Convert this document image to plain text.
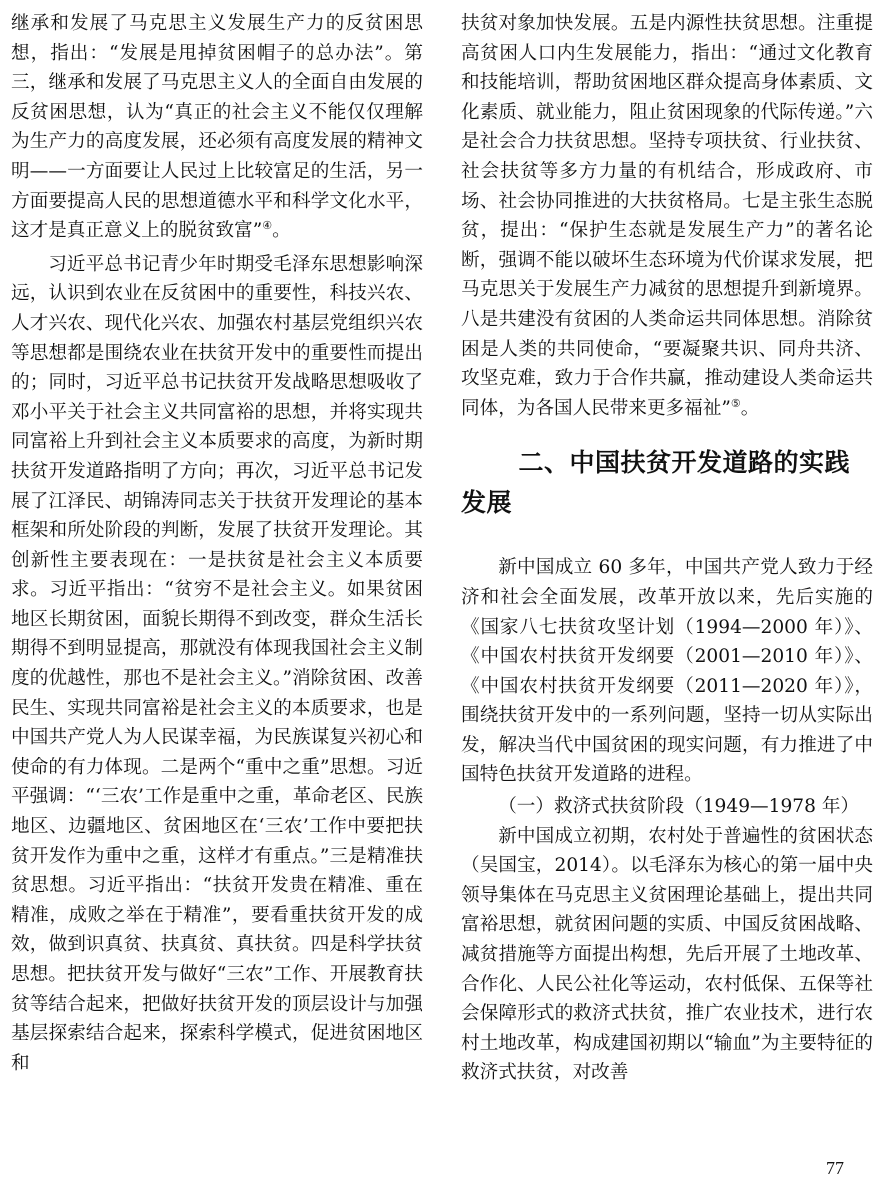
继承和发展了马克思主义发展生产力的反贫困思想，指出：“发展是甩掉贫困帽子的总办法”。第三，继承和发展了马克思主义人的全面自由发展的反贫困思想，认为“真正的社会主义不能仅仅理解为生产力的高度发展，还必须有高度发展的精神文明——一方面要让人民过上比较富足的生活，另一方面要提高人民的思想道德水平和科学文化水平，这才是真正意义上的脱贫致富”④。

习近平总书记青少年时期受毛泽东思想影响深远，认识到农业在反贫困中的重要性，科技兴农、人才兴农、现代化兴农、加强农村基层党组织兴农等思想都是围绕农业在扶贫开发中的重要性而提出的；同时，习近平总书记扶贫开发战略思想吸收了邓小平关于社会主义共同富裕的思想，并将实现共同富裕上升到社会主义本质要求的高度，为新时期扶贫开发道路指明了方向；再次，习近平总书记发展了江泽民、胡锦涛同志关于扶贫开发理论的基本框架和所处阶段的判断，发展了扶贫开发理论。其创新性主要表现在：一是扶贫是社会主义本质要求。习近平指出：“贫穷不是社会主义。如果贫困地区长期贫困，面貌长期得不到改变，群众生活长期得不到明显提高，那就没有体现我国社会主义制度的优越性，那也不是社会主义。”消除贫困、改善民生、实现共同富裕是社会主义的本质要求，也是中国共产党人为人民谋幸福，为民族谋复兴初心和使命的有力体现。二是两个“重中之重”思想。习近平强调：“‘三农’工作是重中之重，革命老区、民族地区、边疆地区、贫困地区在‘三农’工作中要把扶贫开发作为重中之重，这样才有重点。”三是精准扶贫思想。习近平指出：“扶贫开发贵在精准、重在精准，成败之举在于精准”，要看重扶贫开发的成效，做到识真贫、扶真贫、真扶贫。四是科学扶贫思想。把扶贫开发与做好“三农”工作、开展教育扶贫等结合起来，把做好扶贫开发的顶层设计与加强基层探索结合起来，探索科学模式，促进贫困地区和

扶贫对象加快发展。五是内源性扶贫思想。注重提高贫困人口内生发展能力，指出：“通过文化教育和技能培训，帮助贫困地区群众提高身体素质、文化素质、就业能力，阻止贫困现象的代际传递。”六是社会合力扶贫思想。坚持专项扶贫、行业扶贫、社会扶贫等多方力量的有机结合，形成政府、市场、社会协同推进的大扶贫格局。七是主张生态脱贫，提出：“保护生态就是发展生产力”的著名论断，强调不能以破坏生态环境为代价谋求发展，把马克思关于发展生产力减贫的思想提升到新境界。八是共建没有贫困的人类命运共同体思想。消除贫困是人类的共同使命，“要凝聚共识、同舟共济、攻坚克难，致力于合作共赢，推动建设人类命运共同体，为各国人民带来更多福祉”⑤。

二、中国扶贫开发道路的实践发展

新中国成立 60 多年，中国共产党人致力于经济和社会全面发展，改革开放以来，先后实施的《国家八七扶贫攻坚计划（1994—2000 年）》、《中国农村扶贫开发纲要（2001—2010 年）》、《中国农村扶贫开发纲要（2011—2020 年）》，围绕扶贫开发中的一系列问题，坚持一切从实际出发，解决当代中国贫困的现实问题，有力推进了中国特色扶贫开发道路的进程。

（一）救济式扶贫阶段（1949—1978 年）

新中国成立初期，农村处于普遍性的贫困状态（吴国宝，2014）。以毛泽东为核心的第一届中央领导集体在马克思主义贫困理论基础上，提出共同富裕思想，就贫困问题的实质、中国反贫困战略、减贫措施等方面提出构想，先后开展了土地改革、合作化、人民公社化等运动，农村低保、五保等社会保障形式的救济式扶贫，推广农业技术，进行农村土地改革，构成建国初期以“输血”为主要特征的救济式扶贫，对改善

77
